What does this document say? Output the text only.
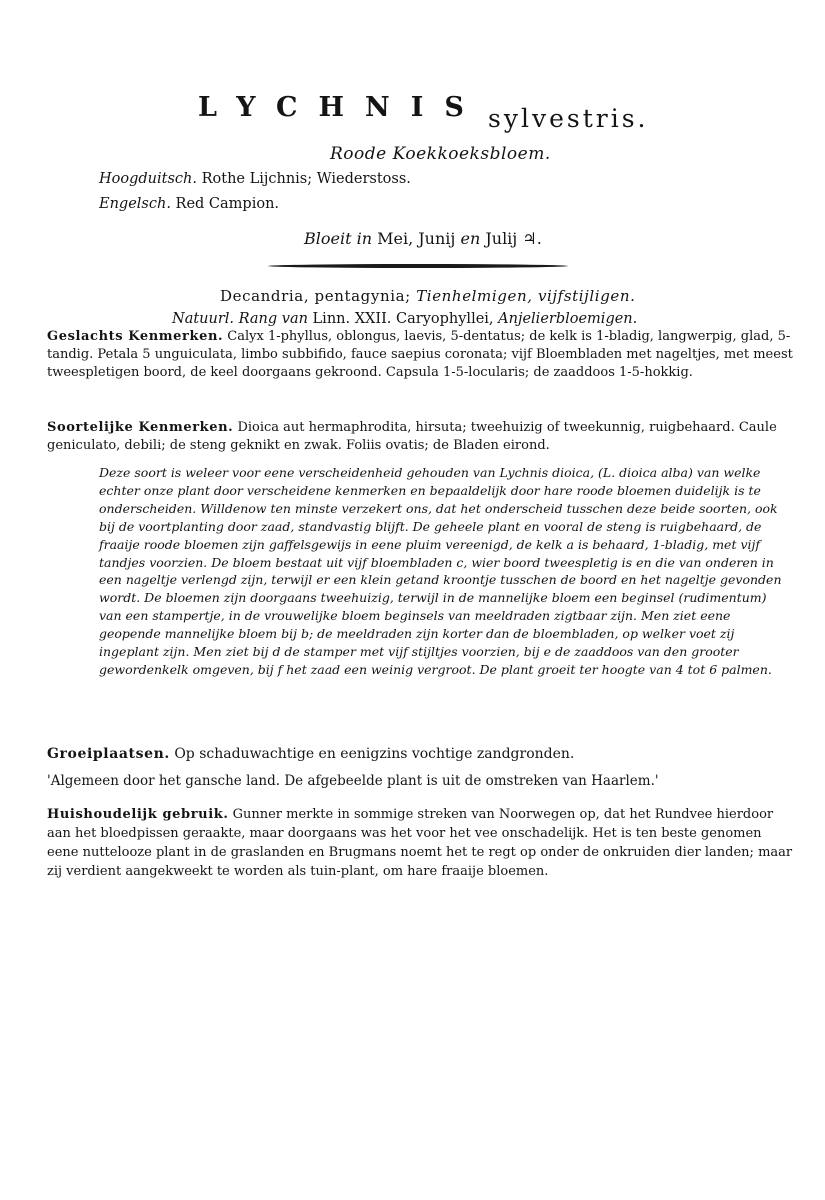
LYCHNIS sylvestris.
Roode Koekkoeksbloem.
Hoogduitsch. Rothe Lijchnis; Wiederstoss.
Engelsch. Red Campion.
Bloeit in Mei, Junij en Julij ♃.
Decandria, pentagynia; Tienhelmigen, vijfstijligen.
Natuurl. Rang van Linn. XXII. Caryophyllei, Anjelierbloemigen.
Geslachts Kenmerken. Calyx 1-phyllus, oblongus, laevis, 5-dentatus; de kelk is 1-bladig, langwerpig, glad, 5-tandig. Petala 5 unguiculata, limbo subbifido, fauce saepius coronata; vijf Bloembladen met nageltjes, met meest tweespletigen boord, de keel doorgaans gekroond. Capsula 1-5-locularis; de zaaddoos 1-5-hokkig.
Soortelijke Kenmerken. Dioica aut hermaphrodita, hirsuta; tweehuizig of tweekunnig, ruigbehaard. Caule geniculato, debili; de steng geknikt en zwak. Foliis ovatis; de Bladen eirond.
Deze soort is weleer voor eene verscheidenheid gehouden van Lychnis dioica, (L. dioica alba) van welke echter onze plant door verscheidene kenmerken en bepaaldelijk door hare roode bloemen duidelijk is te onderscheiden. Willdenow ten minste verzekert ons, dat het onderscheid tusschen deze beide soorten, ook bij de voortplanting door zaad, standvastig blijft. De geheele plant en vooral de steng is ruigbehaard, de fraaije roode bloemen zijn gaffelsgewijs in eene pluim vereenigd, de kelk a is behaard, 1-bladig, met vijf tandjes voorzien. De bloem bestaat uit vijf bloembladen c, wier boord tweespletig is en die van onderen in een nageltje verlengd zijn, terwijl er een klein getand kroontje tusschen de boord en het nageltje gevonden wordt. De bloemen zijn doorgaans tweehuizig, terwijl in de mannelijke bloem een beginsel (rudimentum) van een stampertje, in de vrouwelijke bloem beginsels van meeldraden zigtbaar zijn. Men ziet eene geopende mannelijke bloem bij b; de meeldraden zijn korter dan de bloembladen, op welker voet zij ingeplant zijn. Men ziet bij d de stamper met vijf stijltjes voorzien, bij e de zaaddoos van den grooter gewordenkelk omgeven, bij f het zaad een weinig vergroot. De plant groeit ter hoogte van 4 tot 6 palmen.
Groeiplaatsen. Op schaduwachtige en eenigzins vochtige zandgronden.
'Algemeen door het gansche land. De afgebeelde plant is uit de omstreken van Haarlem.'
Huishoudelijk gebruik. Gunner merkte in sommige streken van Noorwegen op, dat het Rundvee hierdoor aan het bloedpissen geraakte, maar doorgaans was het voor het vee onschadelijk. Het is ten beste genomen eene nuttelooze plant in de graslanden en Brugmans noemt het te regt op onder de onkruiden dier landen; maar zij verdient aangekweekt te worden als tuin-plant, om hare fraaije bloemen.
